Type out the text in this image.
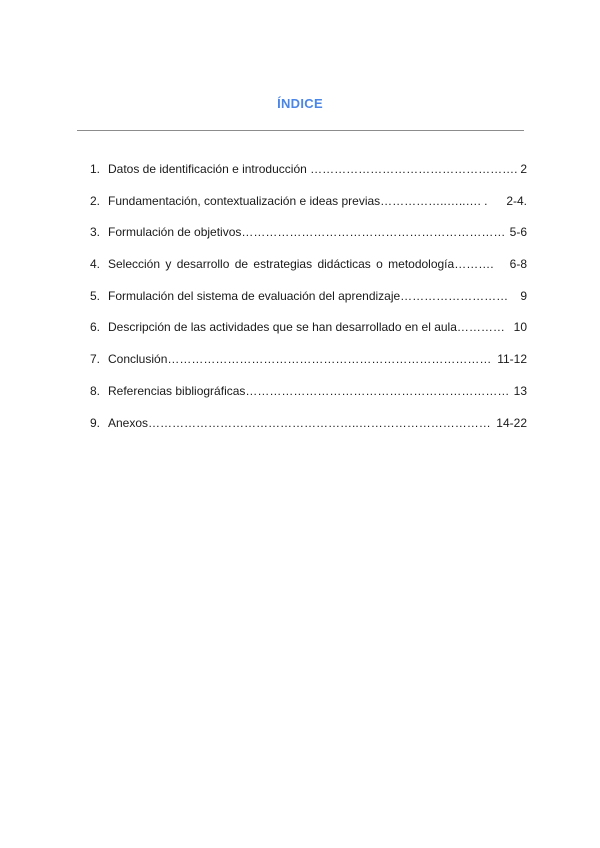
ÍNDICE
1. Datos de identificación e introducción ……………………………………………. 2
2. Fundamentación, contextualización e ideas previas……………..…..…. .	2-4.
3. Formulación de objetivos………………………………………………………… 5-6
4. Selección y desarrollo de estrategias didácticas o metodología……….	6-8
5. Formulación del sistema de evaluación del aprendizaje………………………	9
6. Descripción de las actividades que se han desarrollado en el aula………… 10
7. Conclusión……………………………………………………………………… 11-12
8. Referencias bibliográficas………………………………………………………… 13
9. Anexos……………………………………………..…………………………… 14-22
